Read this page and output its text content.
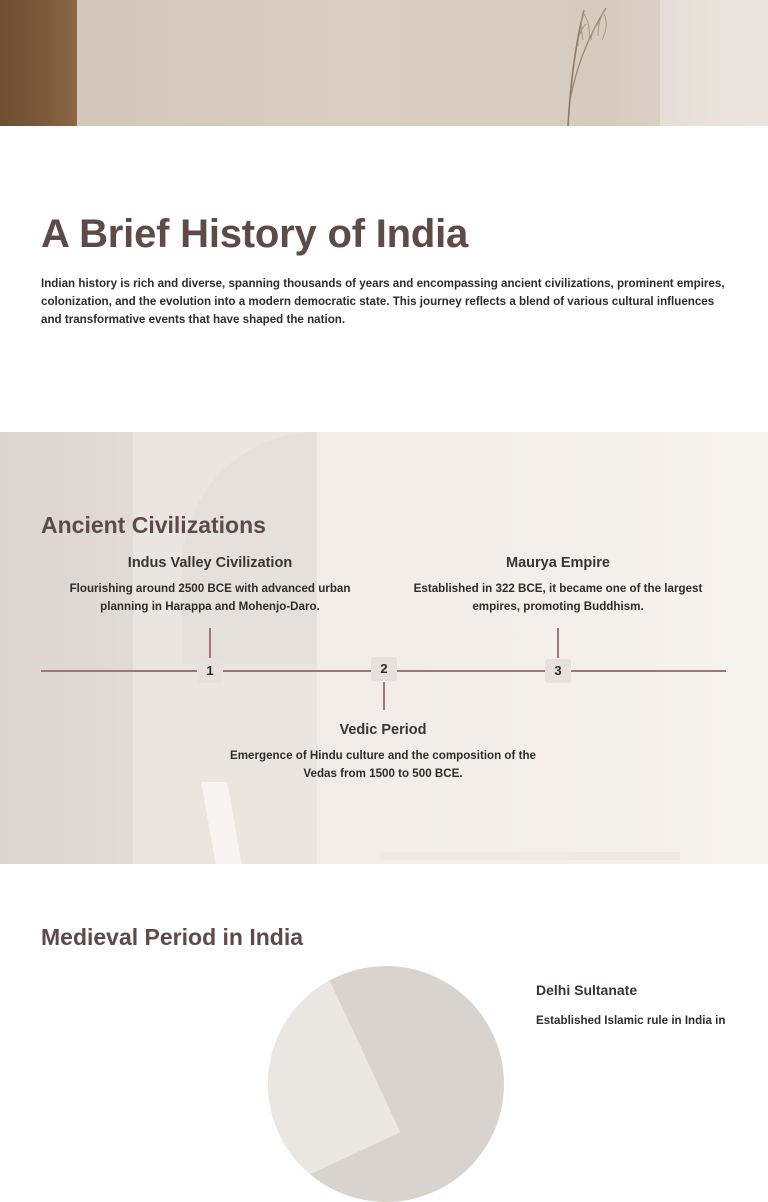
A Brief History of India

Indian history is rich and diverse, spanning thousands of years and encompassing ancient civilizations, prominent empires, colonization, and the evolution into a modern democratic state. This journey reflects a blend of various cultural influences and transformative events that have shaped the nation.

Ancient Civilizations
Indus Valley Civilization
Flourishing around 2500 BCE with advanced urban planning in Harappa and Mohenjo-Daro.
1	2
Vedic Period
Emergence of Hindu culture and the composition of the Vedas from 1500 to 500 BCE.
Maurya Empire
Established in 322 BCE, it became one of the largest empires, promoting Buddhism.
3
Medieval Period in India
Delhi Sultanate
Established Islamic rule in India in
